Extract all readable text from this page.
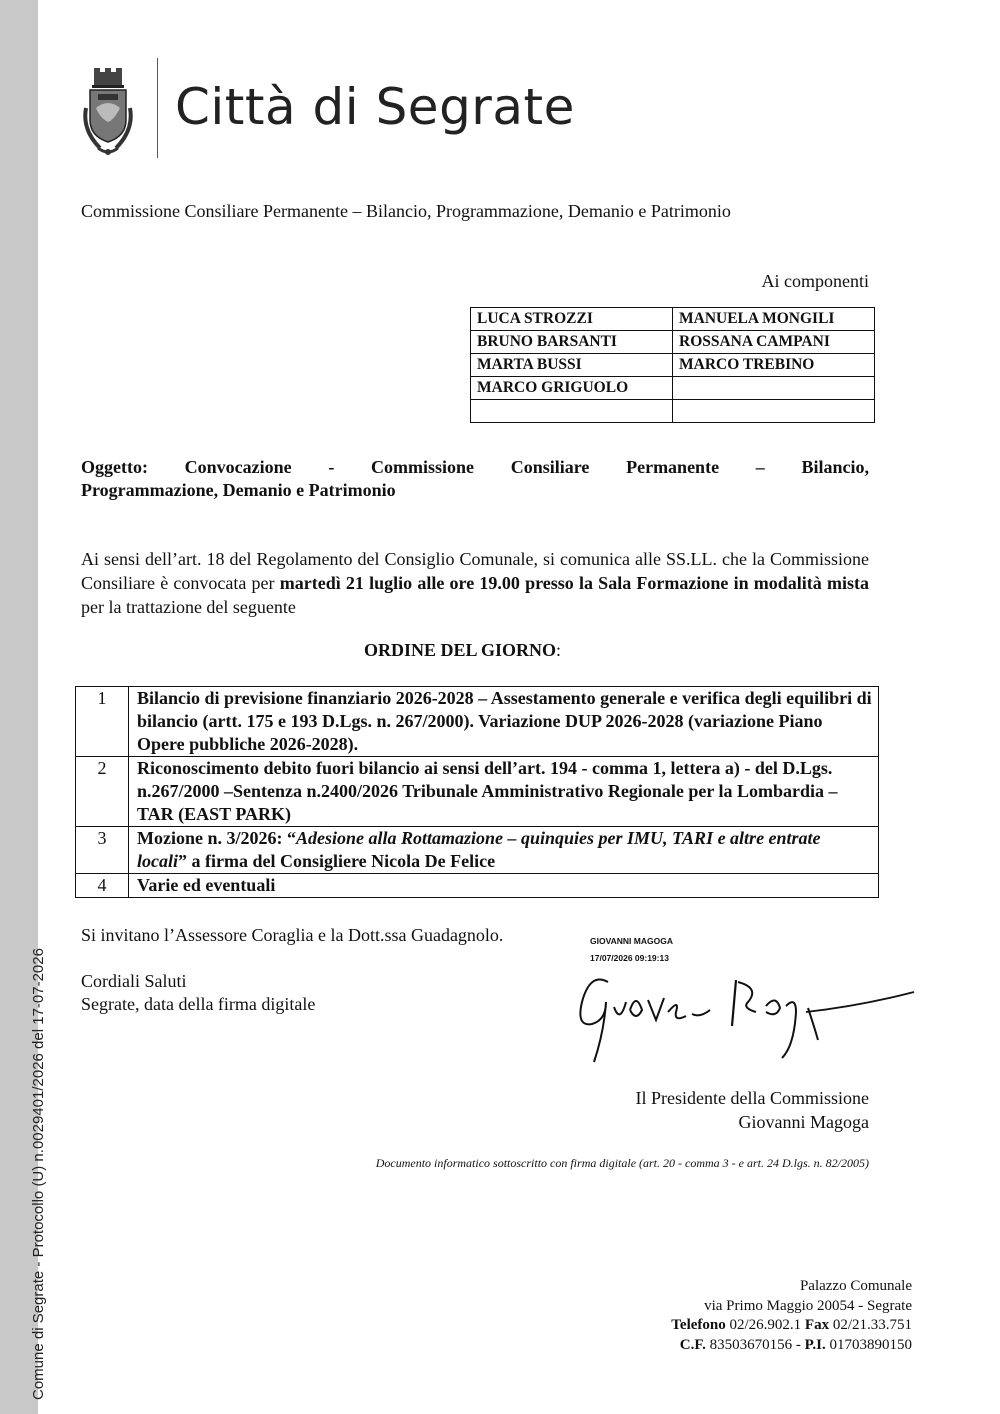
Comune di Segrate - Protocollo (U) n.0029401/2026 del 17-07-2026
Città di Segrate
Commissione Consiliare Permanente – Bilancio, Programmazione, Demanio e Patrimonio
Ai componenti
LUCA STROZZI	MANUELA MONGILI
BRUNO BARSANTI	ROSSANA CAMPANI
MARTA BUSSI	MARCO TREBINO
MARCO GRIGUOLO	

Oggetto: Convocazione - Commissione Consiliare Permanente – Bilancio,
Programmazione, Demanio e Patrimonio
Ai sensi dell’art. 18 del Regolamento del Consiglio Comunale, si comunica alle SS.LL. che la Commissione Consiliare è convocata per martedì 21 luglio alle ore 19.00 presso la Sala Formazione in modalità mista per la trattazione del seguente
ORDINE DEL GIORNO:
1	Bilancio di previsione finanziario 2026-2028 – Assestamento generale e verifica degli equilibri di bilancio (artt. 175 e 193 D.Lgs. n. 267/2000). Variazione DUP 2026-2028 (variazione Piano Opere pubbliche 2026-2028).
2	Riconoscimento debito fuori bilancio ai sensi dell’art. 194 - comma 1, lettera a) - del D.Lgs. n.267/2000 –Sentenza n.2400/2026 Tribunale Amministrativo Regionale per la Lombardia – TAR (EAST PARK)
3	Mozione n. 3/2026: “Adesione alla Rottamazione – quinquies per IMU, TARI e altre entrate locali” a firma del Consigliere Nicola De Felice
4	Varie ed eventuali
Si invitano l’Assessore Coraglia e la Dott.ssa Guadagnolo.
Cordiali Saluti
Segrate, data della firma digitale
GIOVANNI MAGOGA
17/07/2026 09:19:13
Il Presidente della Commissione
Giovanni Magoga
Documento informatico sottoscritto con firma digitale (art. 20 - comma 3 - e art. 24 D.lgs. n. 82/2005)
Palazzo Comunale
via Primo Maggio 20054 - Segrate
Telefono 02/26.902.1 Fax 02/21.33.751
C.F. 83503670156 - P.I. 01703890150
